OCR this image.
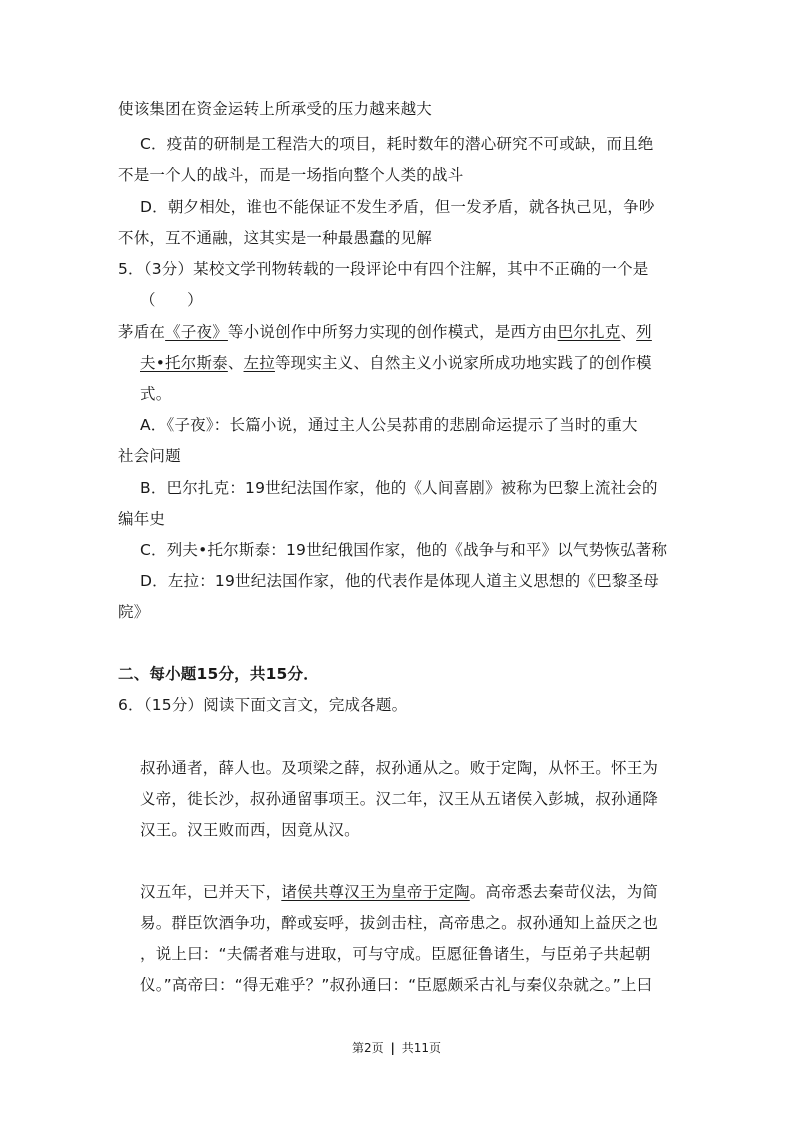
使该集团在资金运转上所承受的压力越来越大

C．疫苗的研制是工程浩大的项目，耗时数年的潜心研究不可或缺，而且绝

不是一个人的战斗，而是一场指向整个人类的战斗

D．朝夕相处，谁也不能保证不发生矛盾，但一发矛盾，就各执己见，争吵

不休，互不通融，这其实是一种最愚蠢的见解

5．（3分）某校文学刊物转载的一段评论中有四个注解，其中不正确的一个是

（　　）

茅盾在《子夜》等小说创作中所努力实现的创作模式，是西方由巴尔扎克、列

夫•托尔斯泰、左拉等现实主义、自然主义小说家所成功地实践了的创作模

式。

A．《子夜》：长篇小说，通过主人公吴荪甫的悲剧命运提示了当时的重大

社会问题

B．巴尔扎克：19世纪法国作家，他的《人间喜剧》被称为巴黎上流社会的

编年史

C．列夫•托尔斯泰：19世纪俄国作家，他的《战争与和平》以气势恢弘著称

D．左拉：19世纪法国作家，他的代表作是体现人道主义思想的《巴黎圣母

院》

二、每小题15分，共15分．

6．（15分）阅读下面文言文，完成各题。

叔孙通者，薛人也。及项梁之薛，叔孙通从之。败于定陶，从怀王。怀王为

义帝，徙长沙，叔孙通留事项王。汉二年，汉王从五诸侯入彭城，叔孙通降

汉王。汉王败而西，因竟从汉。

汉五年，已并天下，诸侯共尊汉王为皇帝于定陶。高帝悉去秦苛仪法，为简

易。群臣饮酒争功，醉或妄呼，拔剑击柱，高帝患之。叔孙通知上益厌之也

，说上曰：“夫儒者难与进取，可与守成。臣愿征鲁诸生，与臣弟子共起朝

仪。”高帝曰：“得无难乎？”叔孙通曰：“臣愿颇采古礼与秦仪杂就之。”上曰

第2页 | 共11页
